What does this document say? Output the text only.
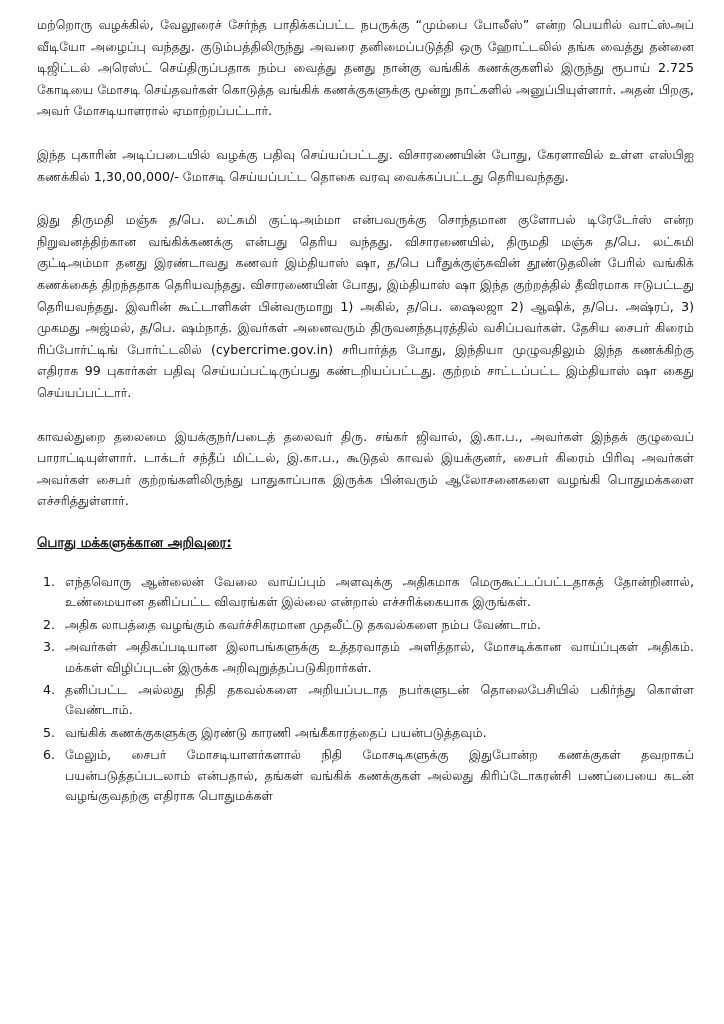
மற்றொரு வழக்கில், வேலூரைச் சேர்ந்த பாதிக்கப்பட்ட நபருக்கு “மும்பை போலீஸ்” என்ற பெயரில் வாட்ஸ்அப் வீடியோ அழைப்பு வந்தது. குடும்பத்திலிருந்து அவரை தனிமைப்படுத்தி ஒரு ஹோட்டலில் தங்க வைத்து தன்னை டிஜிட்டல் அரெஸ்ட் செய்திருப்பதாக நம்ப வைத்து தனது நான்கு வங்கிக் கணக்குகளில் இருந்து ரூபாய் 2.725 கோடியை மோசடி செய்தவர்கள் கொடுத்த வங்கிக் கணக்குகளுக்கு மூன்று நாட்களில் அனுப்பியுள்ளார். அதன் பிறகு, அவர் மோசடியாளரால் ஏமாற்றப்பட்டார்.

இந்த புகாரின் அடிப்படையில் வழக்கு பதிவு செய்யப்பட்டது. விசாரணையின் போது, கேரளாவில் உள்ள எஸ்பிஐ கணக்கில் 1,30,00,000/- மோசடி செய்யப்பட்ட தொகை வரவு வைக்கப்பட்டது தெரியவந்தது.

இது திருமதி மஞ்சு த/பெ. லட்சுமி குட்டிஅம்மா என்பவருக்கு சொந்தமான குளோபல் டிரேடேர்ஸ் என்ற நிறுவனத்திற்கான வங்கிக்கணக்கு என்பது தெரிய வந்தது. விசாரணையில், திருமதி மஞ்சு த/பெ. லட்சுமி குட்டிஅம்மா தனது இரண்டாவது கணவர் இம்தியாஸ் ஷா, த/பெ பரீதுக்குஞ்சுவின் தூண்டுதலின் பேரில் வங்கிக் கணக்கைத் திறந்ததாக தெரியவந்தது. விசாரணையின் போது, இம்தியாஸ் ஷா இந்த குற்றத்தில் தீவிரமாக ஈடுபட்டது தெரியவந்தது. இவரின் கூட்டாளிகள் பின்வருமாறு 1) அகில், த/பெ. ஷைலஜா 2) ஆஷிக், த/பெ. அஷ்ரப், 3) முகமது அஜ்மல், த/பெ. ஷம்நாத். இவர்கள் அனைவரும் திருவனந்தபுரத்தில் வசிப்பவர்கள். தேசிய சைபர் கிரைம் ரிப்போர்ட்டிங் போர்ட்டலில் (cybercrime.gov.in) சரிபார்த்த போது, இந்தியா முழுவதிலும் இந்த கணக்கிற்கு எதிராக 99 புகார்கள் பதிவு செய்யப்பட்டிருப்பது கண்டறியப்பட்டது. குற்றம் சாட்டப்பட்ட இம்தியாஸ் ஷா கைது செய்யப்பட்டார்.

காவல்துறை தலைமை இயக்குநர்/படைத் தலைவர் திரு. சங்கர் ஜிவால், இ.கா.ப., அவர்கள் இந்தக் குழுவைப் பாராட்டியுள்ளார். டாக்டர் சந்தீப் மிட்டல், இ.கா.ப., கூடுதல் காவல் இயக்குனர், சைபர் கிரைம் பிரிவு அவர்கள் அவர்கள் சைபர் குற்றங்களிலிருந்து பாதுகாப்பாக இருக்க பின்வரும் ஆலோசனைகளை வழங்கி பொதுமக்களை எச்சரித்துள்ளார்.

பொது மக்களுக்கான அறிவுரை:
1. எந்தவொரு ஆன்லைன் வேலை வாய்ப்பும் அளவுக்கு அதிகமாக மெருகூட்டப்பட்டதாகத் தோன்றினால், உண்மையான தனிப்பட்ட விவரங்கள் இல்லை என்றால் எச்சரிக்கையாக இருங்கள்.
2. அதிக லாபத்தை வழங்கும் கவர்ச்சிகரமான முதலீட்டு தகவல்களை நம்ப வேண்டாம்.
3. அவர்கள் அதிகப்படியான இலாபங்களுக்கு உத்தரவாதம் அளித்தால், மோசடிக்கான வாய்ப்புகள் அதிகம். மக்கள் விழிப்புடன் இருக்க அறிவுறுத்தப்படுகிறார்கள்.
4. தனிப்பட்ட அல்லது நிதி தகவல்களை அறியப்படாத நபர்களுடன் தொலைபேசியில் பகிர்ந்து கொள்ள வேண்டாம்.
5. வங்கிக் கணக்குகளுக்கு இரண்டு காரணி அங்கீகாரத்தைப் பயன்படுத்தவும்.
6. மேலும், சைபர் மோசடியாளர்களால் நிதி மோசடிகளுக்கு இதுபோன்ற கணக்குகள் தவறாகப் பயன்படுத்தப்படலாம் என்பதால், தங்கள் வங்கிக் கணக்குகள் அல்லது கிரிப்டோகரன்சி பணப்பையை கடன் வழங்குவதற்கு எதிராக பொதுமக்கள்
